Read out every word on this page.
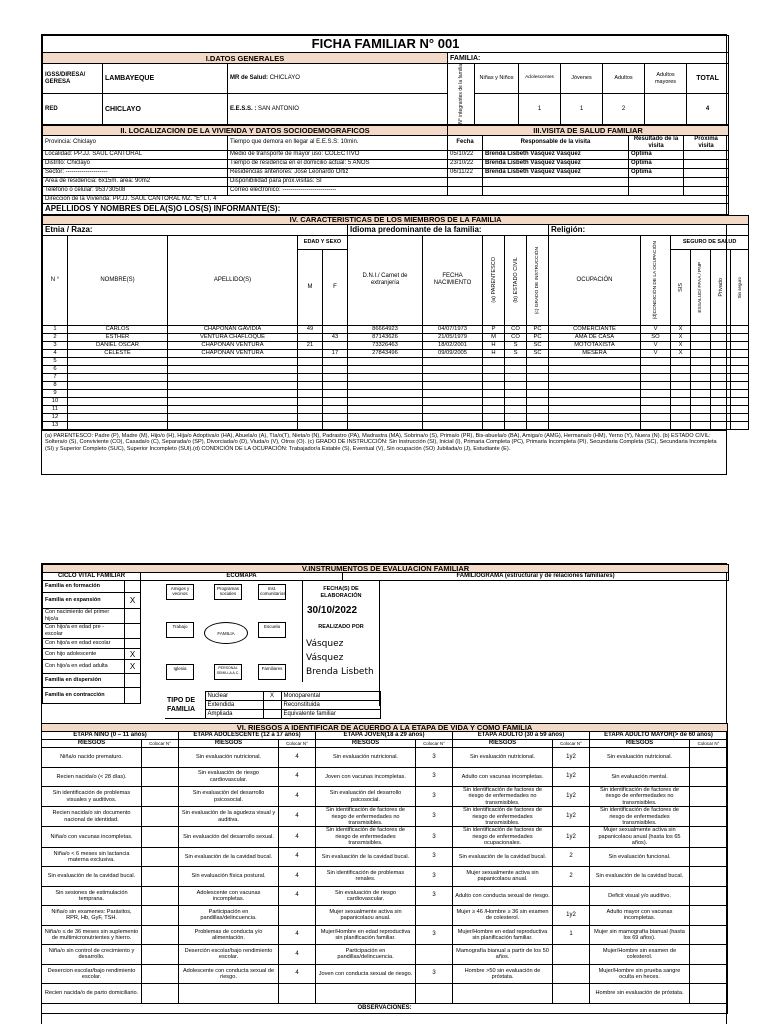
FICHA FAMILIAR N° 001									
I.DATOS GENERALES			FAMILIA:						
IGSS/DIRESA/ GERESA	LAMBAYEQUE	MR de Salud: CHICLAYO	N° integrantes de la familia	Niñas y Niños	Adolescentes	Jóvenes	Adultos	Adultos mayores	TOTAL
RED	CHICLAYO	E.E.S.S. : SAN ANTONIO			1	1	2		4
II. LOCALIZACION DE LA VIVIENDA Y DATOS SOCIODEMOGRAFICOS		III.VISITA DE SALUD FAMILIAR			
Provincia: Chiclayo	Tiempo que demora en llegar al E.E.S.S: 10min.	Fecha	Responsable de la visita	Resultado de la visita	Próxima visita
Localidad: PP.JJ. SAUL CANTORAL	Medio de transporte de mayor uso: COLECTIVO	05/10/22	Brenda Lisbeth Vásquez Vásquez	Óptima	
Distrito: Chiclayo	Tiempo de residencia en el domicilio actual: 5 AÑOS	23/10/22	Brenda Lisbeth Vásquez Vásquez	Óptima	
Sector: ---------------------	Residencias anteriores: José Leonardo Ortiz	06/11/22	Brenda Lisbeth Vásquez Vásquez	Óptima	
Área de residencia: 6x15m. área: 90m2	Disponibilidad para prox.visitas: SI				
Teléfono o celular: 953730508	Correo electrónico: ---------------------------				
Dirección de la Vivienda: PP.JJ. SAUL CANTORAL MZ. "E" LT. 4					
APELLIDOS Y NOMBRES DELA(S)O LOS(S) INFORMANTE(S):					
IV. CARACTERISTICAS DE LOS MIEMBROS DE LA FAMILIA															
Etnia / Raza:					Idioma predominante de la familia:					Religión:					
N °	NOMBRE(S)	APELLIDO(S)	EDAD Y SEXO		D.N.I./ Carnet de extranjería	FECHA NACIMIENTO	(a) PARENTESCO	(b) ESTADO CIVIL	(c) GRADO DE INSTRUCCIÓN	OCUPACIÓN	(d)CONDICIÓN DE LA OCUPACIÓN	SEGURO DE SALUD			
			M	F								SIS	ESSALUD/ FFAA / PNP	Privado	Sin seguro

1	CARLOS	CHAPOÑAN GAVIDIA	49		86664923	04/07/1973	P	CO	PC	COMERCIANTE	V	X			
2	ESTHER	VENTURA CHAFLOQUE		43	87143626	21/05/1979	M	CO	PC	AMA DE CASA	SO	X			
3	DANIEL OSCAR	CHAPOÑAN VENTURA	21		73326463	18/02/2001	H	S	SC	MOTOTAXISTA	V	X			
4	CELESTE	CHAPOÑAN VENTURA		17	27843496	09/09/2005	H	S	SC	MESERA	V	X			
5															
6															
7															
8															
9															
10															
11															
12															
13															
(a) PARENTESCO: Padre (P), Madre (M), Hijo/o (H), Hija/o Adoptiva/o (HA), Abuela/o (A), Tía/o(T), Nieta/o (N), Padrastro (PA), Madrastra (MA), Sobrina/o (S), Prima/o (PR), Bis-abuela/o (BA), Amiga/o (AMG), Hermana/o (HM), Yerno (Y), Nuera (N). (b) ESTADO CIVIL: Soltera/o (S), Conviviente (CO), Casada/o (C), Separada/o (SP), Divorciada/o (D), Viuda/o (V), Otros (O). (c) GRADO DE INSTRUCCIÓN: Sin Instrucción (SI), Inicial (I), Primaria Completa (PC), Primaria Incompleta (PI), Secundaria Completa (SC), Secundaria Incompleta (SI) y Superior Completo (SUC), Superior Incompleto (SUI).(d) CONDICIÓN DE LA OCUPACIÓN: Trabajador/a Estable (S), Eventual (V), Sin ocupación (SO) Jubilada/o (J), Estudiante (E).
V.INSTRUMENTOS DE EVALUACION FAMILIAR
CICLO VITAL FAMILIAR	ECOMAPA	FAMILIOGRAMA (estructural y de relaciones familiares)
Familia en formación	
Familia en expansión	X
Con nacimiento del primer hijo/a	
Con hijo/a en edad pre - escolar	
Con hijo/a en edad escolar	
Con hijo adolescente	X
Con hijo/a en edad adulta	X
Familia en dispersión	
Familia en contracción	
Amigos y vecinos
Programas sociales
Inst. comunitarios
Trabajo
FAMILIA
Escuela
Iglesia	PERSONAL SEMILLA A.C.
Familiares
FECHA(S) DE ELABORACIÓN
30/10/2022
REALIZADO POR
Vásquez
Vásquez
Brenda Lisbeth
TIPO DE FAMILIA	Nuclear	X	Monoparental
	Extendida		Reconstituida
	Ampliada		Equivalente familiar
VI. RIESGOS A IDENTIFICAR DE ACUERDO A LA ETAPA DE VIDA Y COMO FAMILIA									
ETAPA NIÑO (0 – 11 años)		ETAPA ADOLESCENTE (12 a 17 años)		ETAPA JOVEN(18 a 29 años)		ETAPA ADULTO (30 a 59 años)		ETAPA ADULTO MAYOR(> de 60 años)	
RIESGOS	Colocar N°	RIESGOS	Colocar N°	RIESGOS	Colocar N°	RIESGOS	Colocar N°	RIESGOS	Colocar N°
Niña/o nacido prematuro.		Sin evaluación nutricional.	4	Sin evaluación nutricional.	3	Sin evaluación nutricional.	1y2	Sin evaluación nutricional.	
Recien nacida/o (< 28 días).		Sin evaluación de riesgo cardiovascular.	4	Joven con vacunas incompletas.	3	Adulto con vacunas incompletas.	1y2	Sin evaluación mental.	
Sin identificación de problemas visuales y auditivos.		Sin evaluación del desarrollo psicosocial.	4	Sin evaluación del desarrollo psicosocial.	3	Sin identificación de factores de riesgo de enfermedades no transmisibles.	1y2	Sin identificación de factores de riesgo de enfermedades no transmisibles.	
Recien nacida/o sin documento nacional de identidad.		Sin evaluación de la agudeza visual y auditiva.	4	Sin identificación de factores de riesgo de enfermedades no transmisibles.	3	Sin identificación de factores de riesgo de enfermedades transmisibles.	1y2	Sin identificación de factores de riesgo de enfermedades transmisibles.	
Niña/o con vacunas incompletas.		Sin evaluación del desarrollo sexual.	4	Sin identificación de factores de riesgo de enfermedades transmisibles.	3	Sin identificación de factores de riesgo de enfermedades ocupacionales.	1y2	Mujer sexualmente activa sin papanicolaou anual (hasta los 65 años).	
Niña/o < 6 meses sin lactancia materna exclusiva.		Sin evaluación de la cavidad bucal.	4	Sin evaluación de la cavidad bucal.	3	Sin evaluación de la cavidad bucal.	2	Sin evaluación funcional.	
Sin evaluación de la cavidad bucal.		Sin evaluación física postural.	4	Sin identificación de problemas renales.	3	Mujer sexualmente activa sin papanicolaou anual.	2	Sin evaluación de la cavidad bucal.	
Sin sesiones de estimulación temprana.		Adolescente con vacunas incompletas.	4	Sin evaluación de riesgo cardiovascular.	3	Adulto con conducta sexual de riesgo.		Deficit visual y/o auditivo.	
Niña/o sin examenes: Parásitos, RPR, Hb, GyF, TSH.		Participación en pandillas/delincuencia.		Mujer sexualmente activa sin papanicolaou anual.		Mujer ≥ 46 /Hombre ≥ 36 sin examen de colesterol.	1y2	Adulto mayor con vacunas incompletas.	
Niña/o ≤ de 36 meses sin suplemento de multimicronutrientes y hierro.		Problemas de conducta y/o alimentación.	4	Mujer/Hombre en edad reproductiva sin planificación familiar.	3	Mujer/Hombre en edad reproductiva sin planificación familiar.	1	Mujer sin mamografía bianual (hasta los 69 años).	
Niña/o sin control de crecimiento y desarrollo.		Deserción escolar/bajo rendimiento escolar.	4	Participación en pandillas/delincuencia.		Mamografía bianual a partir de los 50 años.		Mujer/Hombre sin examen de colesterol.	
Desercion escolar/bajo rendimiento escolar.		Adolescente con conducta sexual de riesgo.	4	Joven con conducta sexual de riesgo.	3	Hombre >50 sin evaluación de próstata.		Mujer/Hombre sin prueba sangre oculta en heces.	
Recien nacida/o de parto domiciliario.								Hombre sin evaluación de próstata.	
OBSERVACIONES:									
